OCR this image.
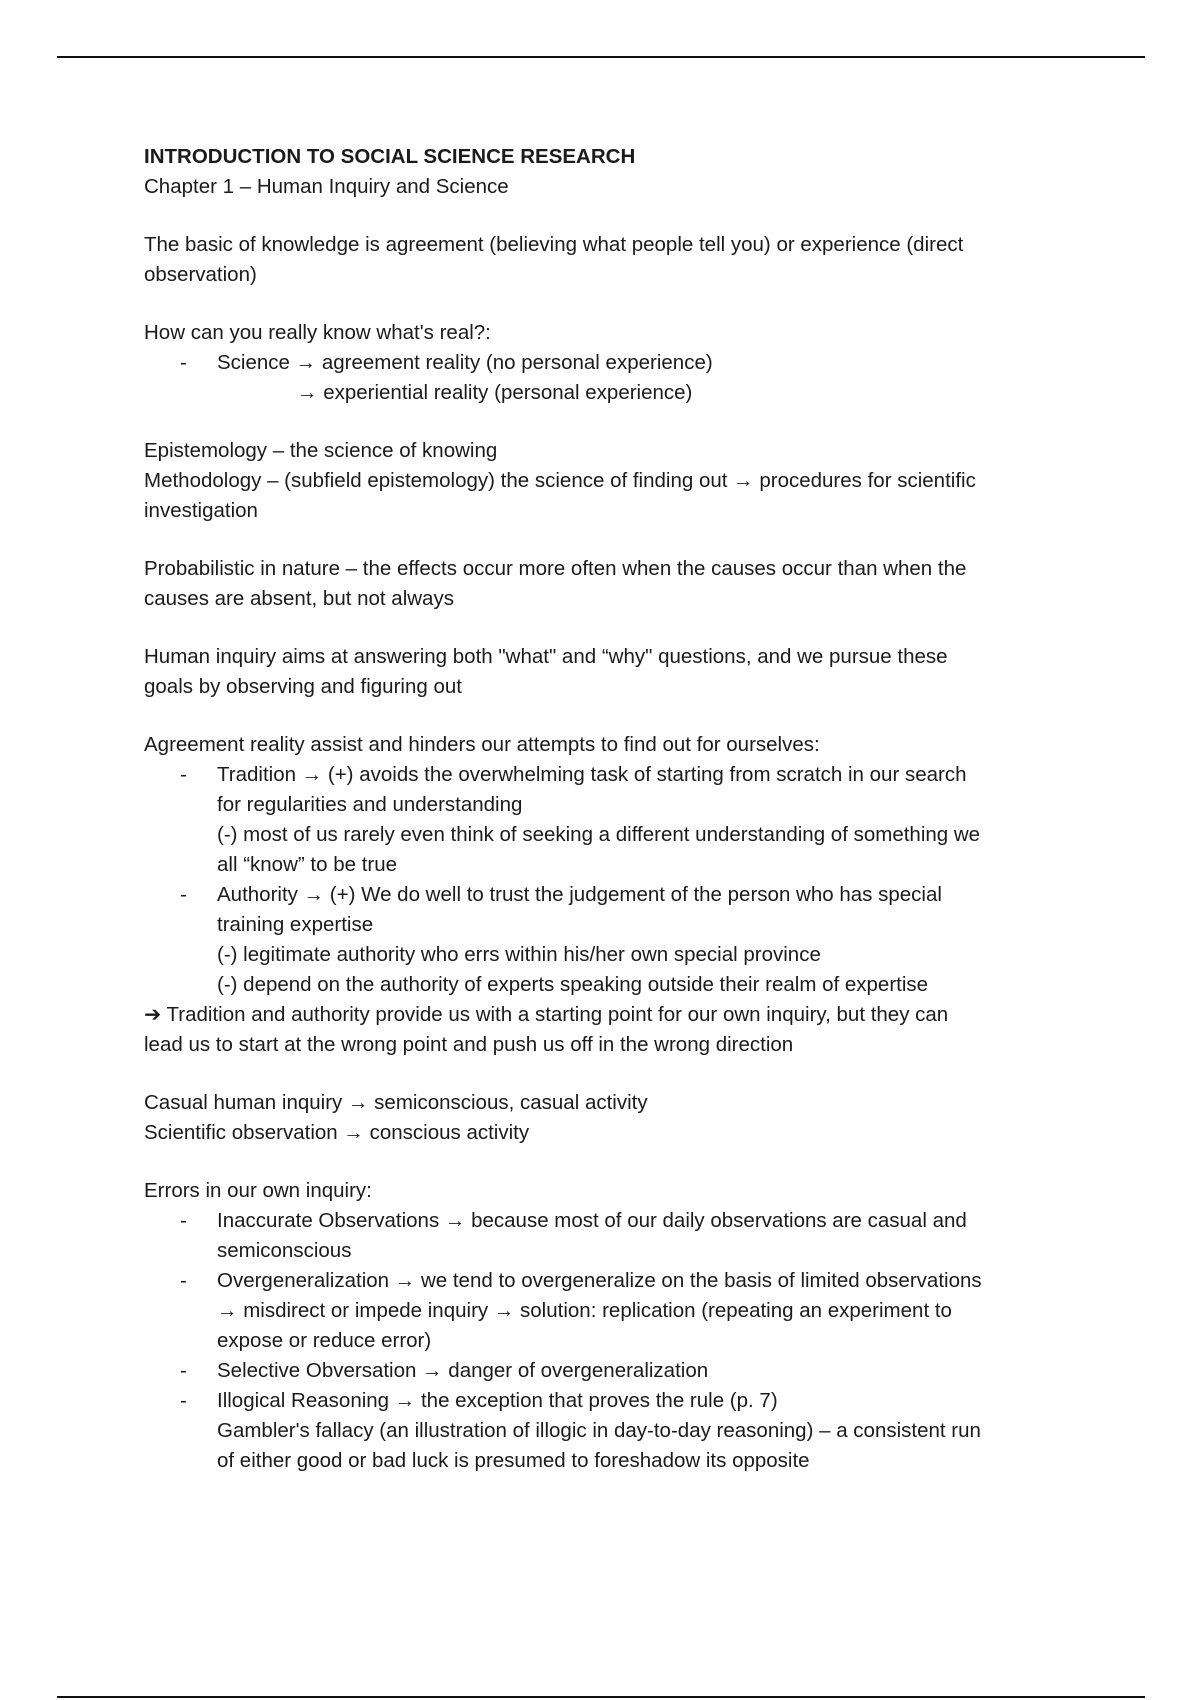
INTRODUCTION TO SOCIAL SCIENCE RESEARCH
Chapter 1 – Human Inquiry and Science
The basic of knowledge is agreement (believing what people tell you) or experience (direct
observation)
How can you really know what's real?:
- Science → agreement reality (no personal experience)
→ experiential reality (personal experience)
Epistemology – the science of knowing
Methodology – (subfield epistemology) the science of finding out → procedures for scientific
investigation
Probabilistic in nature – the effects occur more often when the causes occur than when the
causes are absent, but not always
Human inquiry aims at answering both "what" and “why" questions, and we pursue these
goals by observing and figuring out
Agreement reality assist and hinders our attempts to find out for ourselves:
- Tradition → (+) avoids the overwhelming task of starting from scratch in our search
for regularities and understanding
(-) most of us rarely even think of seeking a different understanding of something we
all “know” to be true
- Authority → (+) We do well to trust the judgement of the person who has special
training expertise
(-) legitimate authority who errs within his/her own special province
(-) depend on the authority of experts speaking outside their realm of expertise
➔ Tradition and authority provide us with a starting point for our own inquiry, but they can
lead us to start at the wrong point and push us off in the wrong direction
Casual human inquiry → semiconscious, casual activity
Scientific observation → conscious activity
Errors in our own inquiry:
- Inaccurate Observations → because most of our daily observations are casual and
semiconscious
- Overgeneralization → we tend to overgeneralize on the basis of limited observations
→ misdirect or impede inquiry → solution: replication (repeating an experiment to
expose or reduce error)
- Selective Obversation → danger of overgeneralization
- Illogical Reasoning → the exception that proves the rule (p. 7)
Gambler's fallacy (an illustration of illogic in day-to-day reasoning) – a consistent run
of either good or bad luck is presumed to foreshadow its opposite
